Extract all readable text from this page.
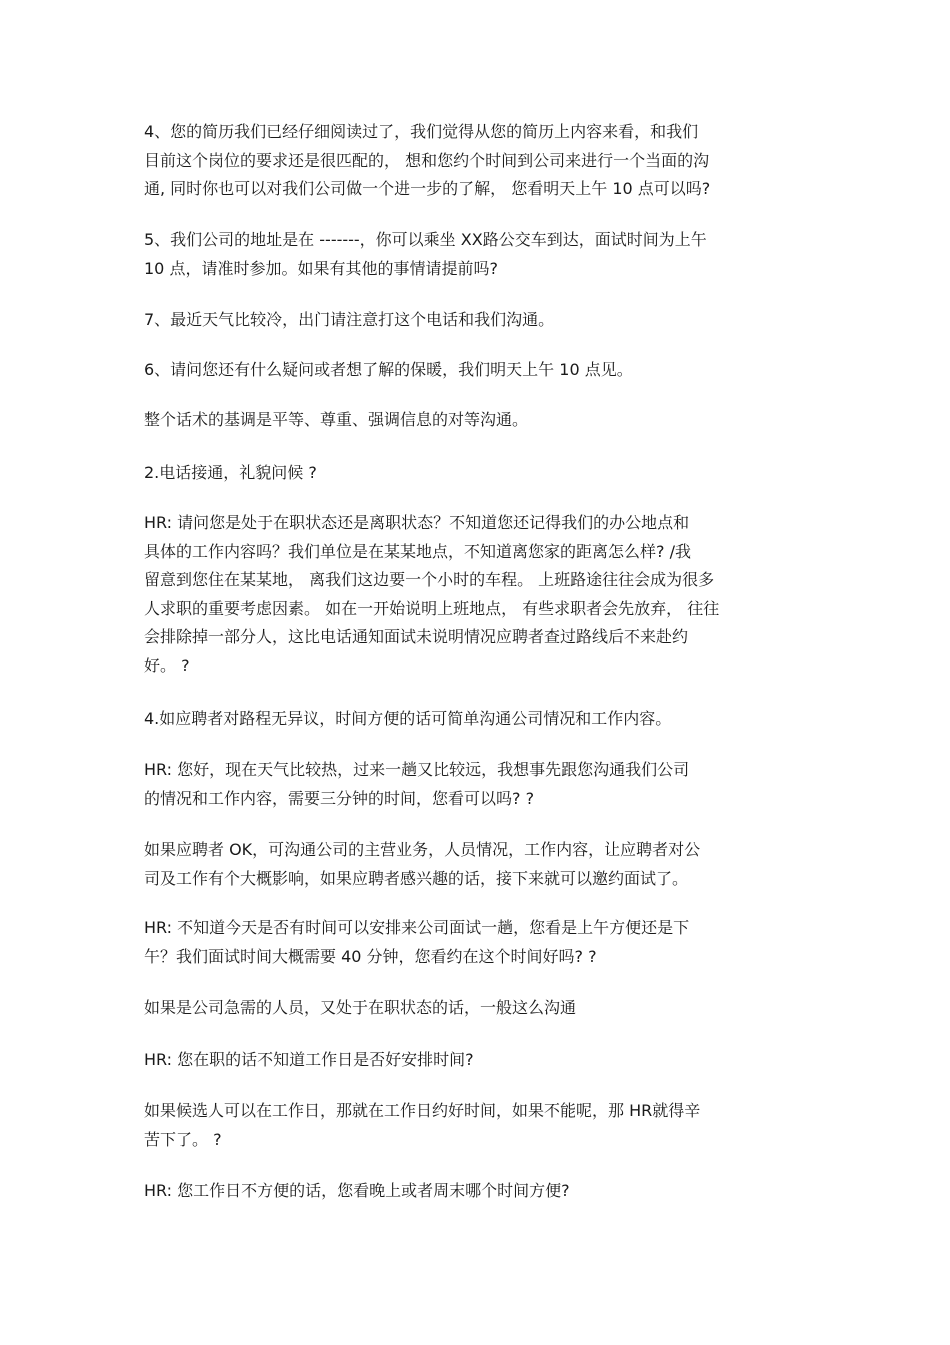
4、您的简历我们已经仔细阅读过了，我们觉得从您的简历上内容来看，和我们
目前这个岗位的要求还是很匹配的， 想和您约个时间到公司来进行一个当面的沟
通, 同时你也可以对我们公司做一个进一步的了解， 您看明天上午 10 点可以吗?
5、我们公司的地址是在 -------，你可以乘坐 XX路公交车到达，面试时间为上午
10 点，请准时参加。如果有其他的事情请提前吗?
7、最近天气比较冷，出门请注意打这个电话和我们沟通。
6、请问您还有什么疑问或者想了解的保暖，我们明天上午 10 点见。
整个话术的基调是平等、尊重、强调信息的对等沟通。
2.电话接通，礼貌问候 ?
HR: 请问您是处于在职状态还是离职状态？不知道您还记得我们的办公地点和
具体的工作内容吗？我们单位是在某某地点，不知道离您家的距离怎么样? /我
留意到您住在某某地， 离我们这边要一个小时的车程。 上班路途往往会成为很多
人求职的重要考虑因素。 如在一开始说明上班地点， 有些求职者会先放弃， 往往
会排除掉一部分人，这比电话通知面试未说明情况应聘者查过路线后不来赴约
好。 ?
4.如应聘者对路程无异议，时间方便的话可简单沟通公司情况和工作内容。
HR: 您好，现在天气比较热，过来一趟又比较远，我想事先跟您沟通我们公司
的情况和工作内容，需要三分钟的时间，您看可以吗? ?
如果应聘者 OK，可沟通公司的主营业务，人员情况，工作内容，让应聘者对公
司及工作有个大概影响，如果应聘者感兴趣的话，接下来就可以邀约面试了。
HR: 不知道今天是否有时间可以安排来公司面试一趟，您看是上午方便还是下
午？我们面试时间大概需要 40 分钟，您看约在这个时间好吗? ?
如果是公司急需的人员，又处于在职状态的话，一般这么沟通
HR: 您在职的话不知道工作日是否好安排时间?
如果候选人可以在工作日，那就在工作日约好时间，如果不能呢，那 HR就得辛
苦下了。 ?
HR: 您工作日不方便的话，您看晚上或者周末哪个时间方便?
